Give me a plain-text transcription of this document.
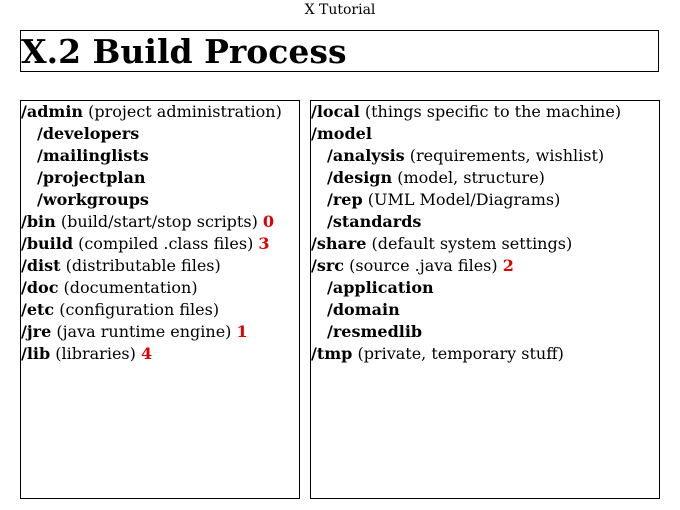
X Tutorial
X.2 Build Process
/admin (project administration)
/developers
/mailinglists
/projectplan
/workgroups
/bin (build/start/stop scripts) 0
/build (compiled .class files) 3
/dist (distributable files)
/doc (documentation)
/etc (configuration files)
/jre (java runtime engine) 1
/lib (libraries) 4
/local (things specific to the machine)
/model
/analysis (requirements, wishlist)
/design (model, structure)
/rep (UML Model/Diagrams)
/standards
/share (default system settings)
/src (source .java files) 2
/application
/domain
/resmedlib
/tmp (private, temporary stuff)
